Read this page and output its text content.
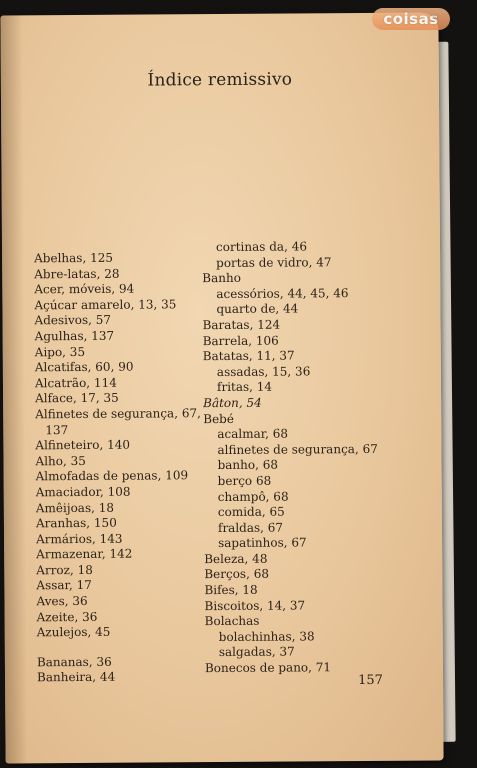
Índice remissivo
Abelhas, 125
Abre-latas, 28
Acer, móveis, 94
Açúcar amarelo, 13, 35
Adesivos, 57
Agulhas, 137
Aipo, 35
Alcatifas, 60, 90
Alcatrão, 114
Alface, 17, 35
Alfinetes de segurança, 67,
137
Alfineteiro, 140
Alho, 35
Almofadas de penas, 109
Amaciador, 108
Amêijoas, 18
Aranhas, 150
Armários, 143
Armazenar, 142
Arroz, 18
Assar, 17
Aves, 36
Azeite, 36
Azulejos, 45
Bananas, 36
Banheira, 44
cortinas da, 46
portas de vidro, 47
Banho
acessórios, 44, 45, 46
quarto de, 44
Baratas, 124
Barrela, 106
Batatas, 11, 37
assadas, 15, 36
fritas, 14
Bâton, 54
Bebé
acalmar, 68
alfinetes de segurança, 67
banho, 68
berço 68
champô, 68
comida, 65
fraldas, 67
sapatinhos, 67
Beleza, 48
Berços, 68
Bifes, 18
Biscoitos, 14, 37
Bolachas
bolachinhas, 38
salgadas, 37
Bonecos de pano, 71
157
coisas
